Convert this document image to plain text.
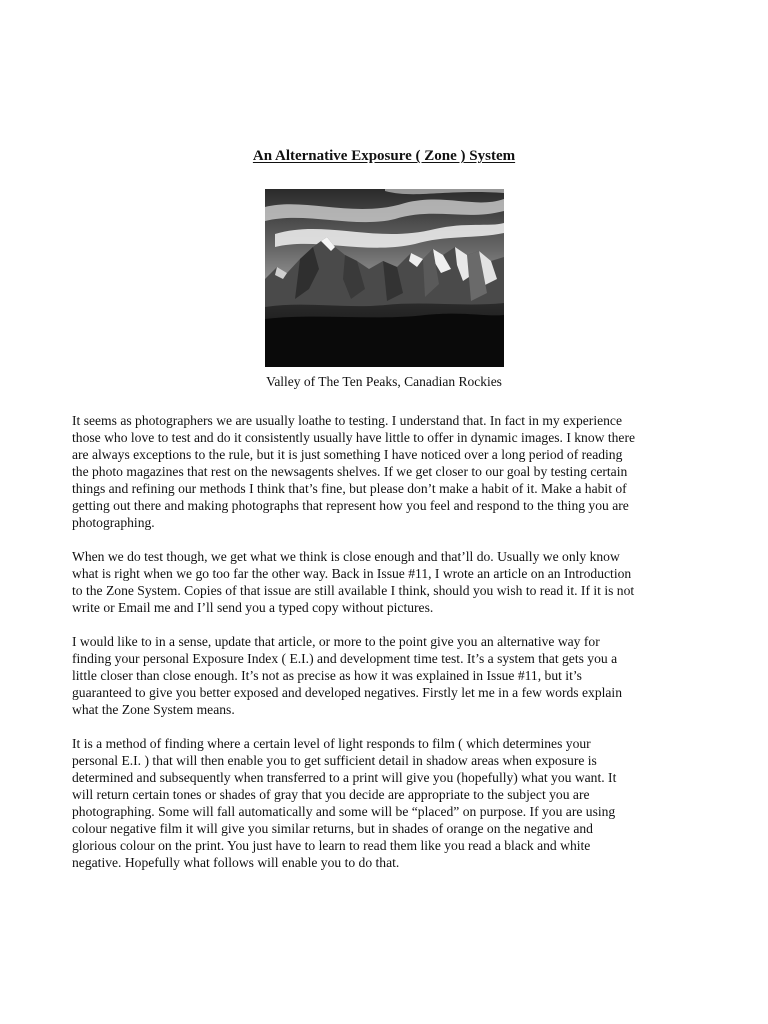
An Alternative Exposure ( Zone ) System
Valley of The Ten Peaks, Canadian Rockies

It seems as photographers we are usually loathe to testing. I understand that. In fact in my experience
those who love to test and do it consistently usually have little to offer in dynamic images. I know there
are always exceptions to the rule, but it is just something I have noticed over a long period of reading
the photo magazines that rest on the newsagents shelves. If we get closer to our goal by testing certain
things and refining our methods I think that’s fine, but please don’t make a habit of it. Make a habit of
getting out there and making photographs that represent how you feel and respond to the thing you are
photographing.

When we do test though, we get what we think is close enough and that’ll do. Usually we only know
what is right when we go too far the other way. Back in Issue #11, I wrote an article on an Introduction
to the Zone System. Copies of that issue are still available I think, should you wish to read it. If it is not
write or Email me and I’ll send you a typed copy without pictures.

I would like to in a sense, update that article, or more to the point give you an alternative way for
finding your personal Exposure Index ( E.I.) and development time test. It’s a system that gets you a
little closer than close enough. It’s not as precise as how it was explained in Issue #11, but it’s
guaranteed to give you better exposed and developed negatives. Firstly let me in a few words explain
what the Zone System means.

It is a method of finding where a certain level of light responds to film ( which determines your
personal E.I. ) that will then enable you to get sufficient detail in shadow areas when exposure is
determined and subsequently when transferred to a print will give you (hopefully) what you want. It
will return certain tones or shades of gray that you decide are appropriate to the subject you are
photographing. Some will fall automatically and some will be “placed” on purpose. If you are using
colour negative film it will give you similar returns, but in shades of orange on the negative and
glorious colour on the print. You just have to learn to read them like you read a black and white
negative. Hopefully what follows will enable you to do that.
